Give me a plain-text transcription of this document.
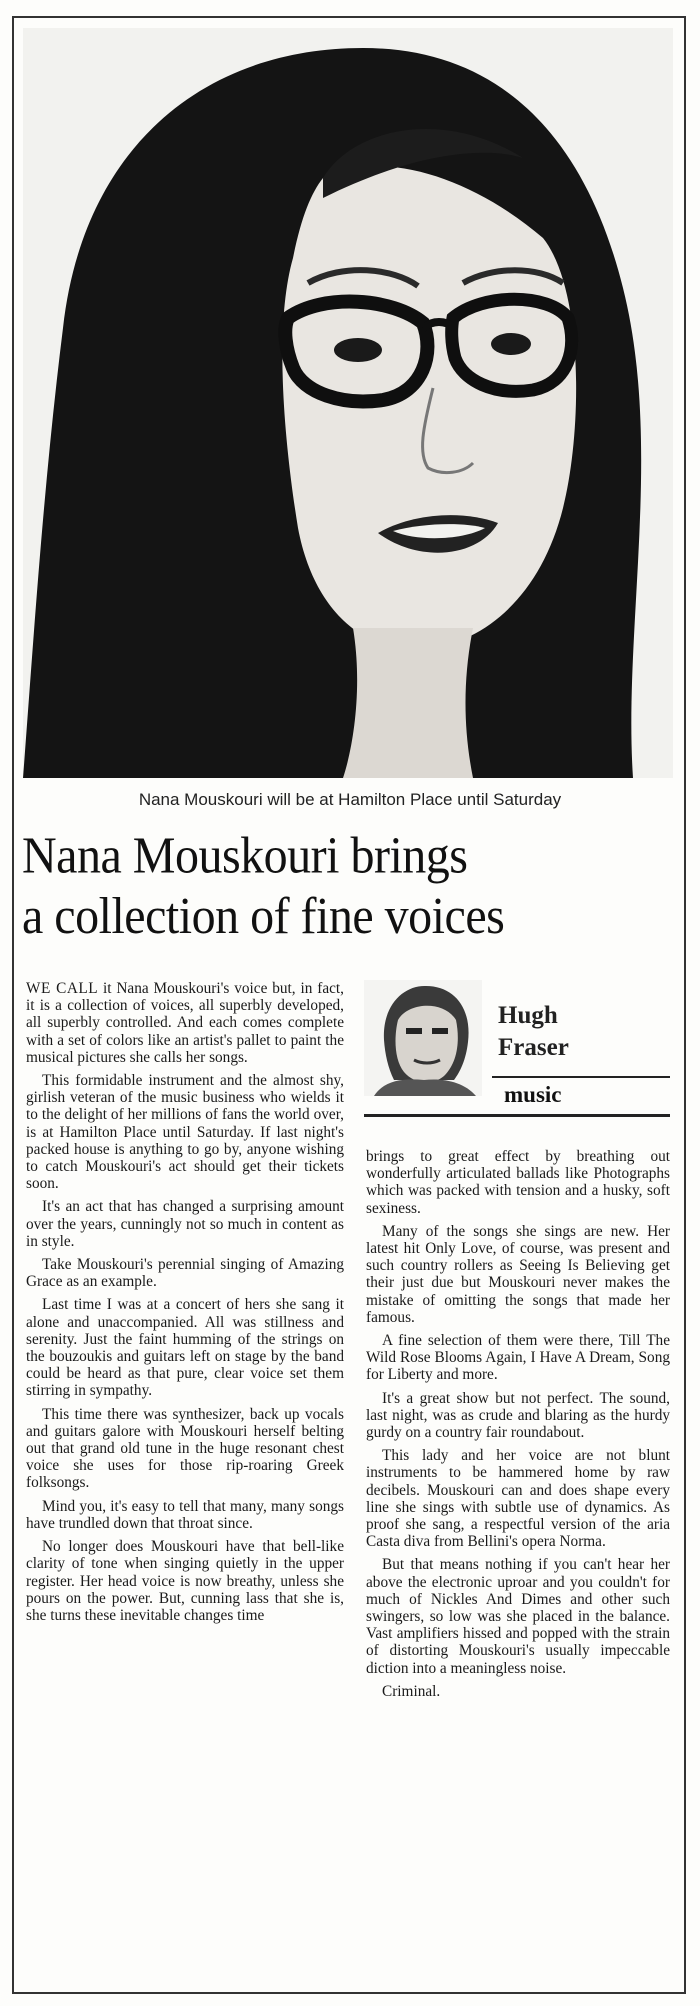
Nana Mouskouri will be at Hamilton Place until Saturday
Nana Mouskouri brings
a collection of fine voices

WE CALL it Nana Mouskouri's voice but, in fact, it is a collection of voices, all superbly developed, all superbly controlled. And each comes complete with a set of colors like an artist's pallet to paint the musical pictures she calls her songs.

This formidable instrument and the almost shy, girlish veteran of the music business who wields it to the delight of her millions of fans the world over, is at Hamilton Place until Saturday. If last night's packed house is anything to go by, anyone wishing to catch Mouskouri's act should get their tickets soon.

It's an act that has changed a surprising amount over the years, cunningly not so much in content as in style.

Take Mouskouri's perennial singing of Amazing Grace as an example.

Last time I was at a concert of hers she sang it alone and unaccompanied. All was stillness and serenity. Just the faint humming of the strings on the bouzoukis and guitars left on stage by the band could be heard as that pure, clear voice set them stirring in sympathy.

This time there was synthesizer, back up vocals and guitars galore with Mouskouri herself belting out that grand old tune in the huge resonant chest voice she uses for those rip-roaring Greek folksongs.

Mind you, it's easy to tell that many, many songs have trundled down that throat since.

No longer does Mouskouri have that bell-like clarity of tone when singing quietly in the upper register. Her head voice is now breathy, unless she pours on the power. But, cunning lass that she is, she turns these inevitable changes time

Hugh
Fraser
music

brings to great effect by breathing out wonderfully articulated ballads like Photographs which was packed with tension and a husky, soft sexiness.

Many of the songs she sings are new. Her latest hit Only Love, of course, was present and such country rollers as Seeing Is Believing get their just due but Mouskouri never makes the mistake of omitting the songs that made her famous.

A fine selection of them were there, Till The Wild Rose Blooms Again, I Have A Dream, Song for Liberty and more.

It's a great show but not perfect. The sound, last night, was as crude and blaring as the hurdy gurdy on a country fair roundabout.

This lady and her voice are not blunt instruments to be hammered home by raw decibels. Mouskouri can and does shape every line she sings with subtle use of dynamics. As proof she sang, a respectful version of the aria Casta diva from Bellini's opera Norma.

But that means nothing if you can't hear her above the electronic uproar and you couldn't for much of Nickles And Dimes and other such swingers, so low was she placed in the balance. Vast amplifiers hissed and popped with the strain of distorting Mouskouri's usually impeccable diction into a meaningless noise.

Criminal.
